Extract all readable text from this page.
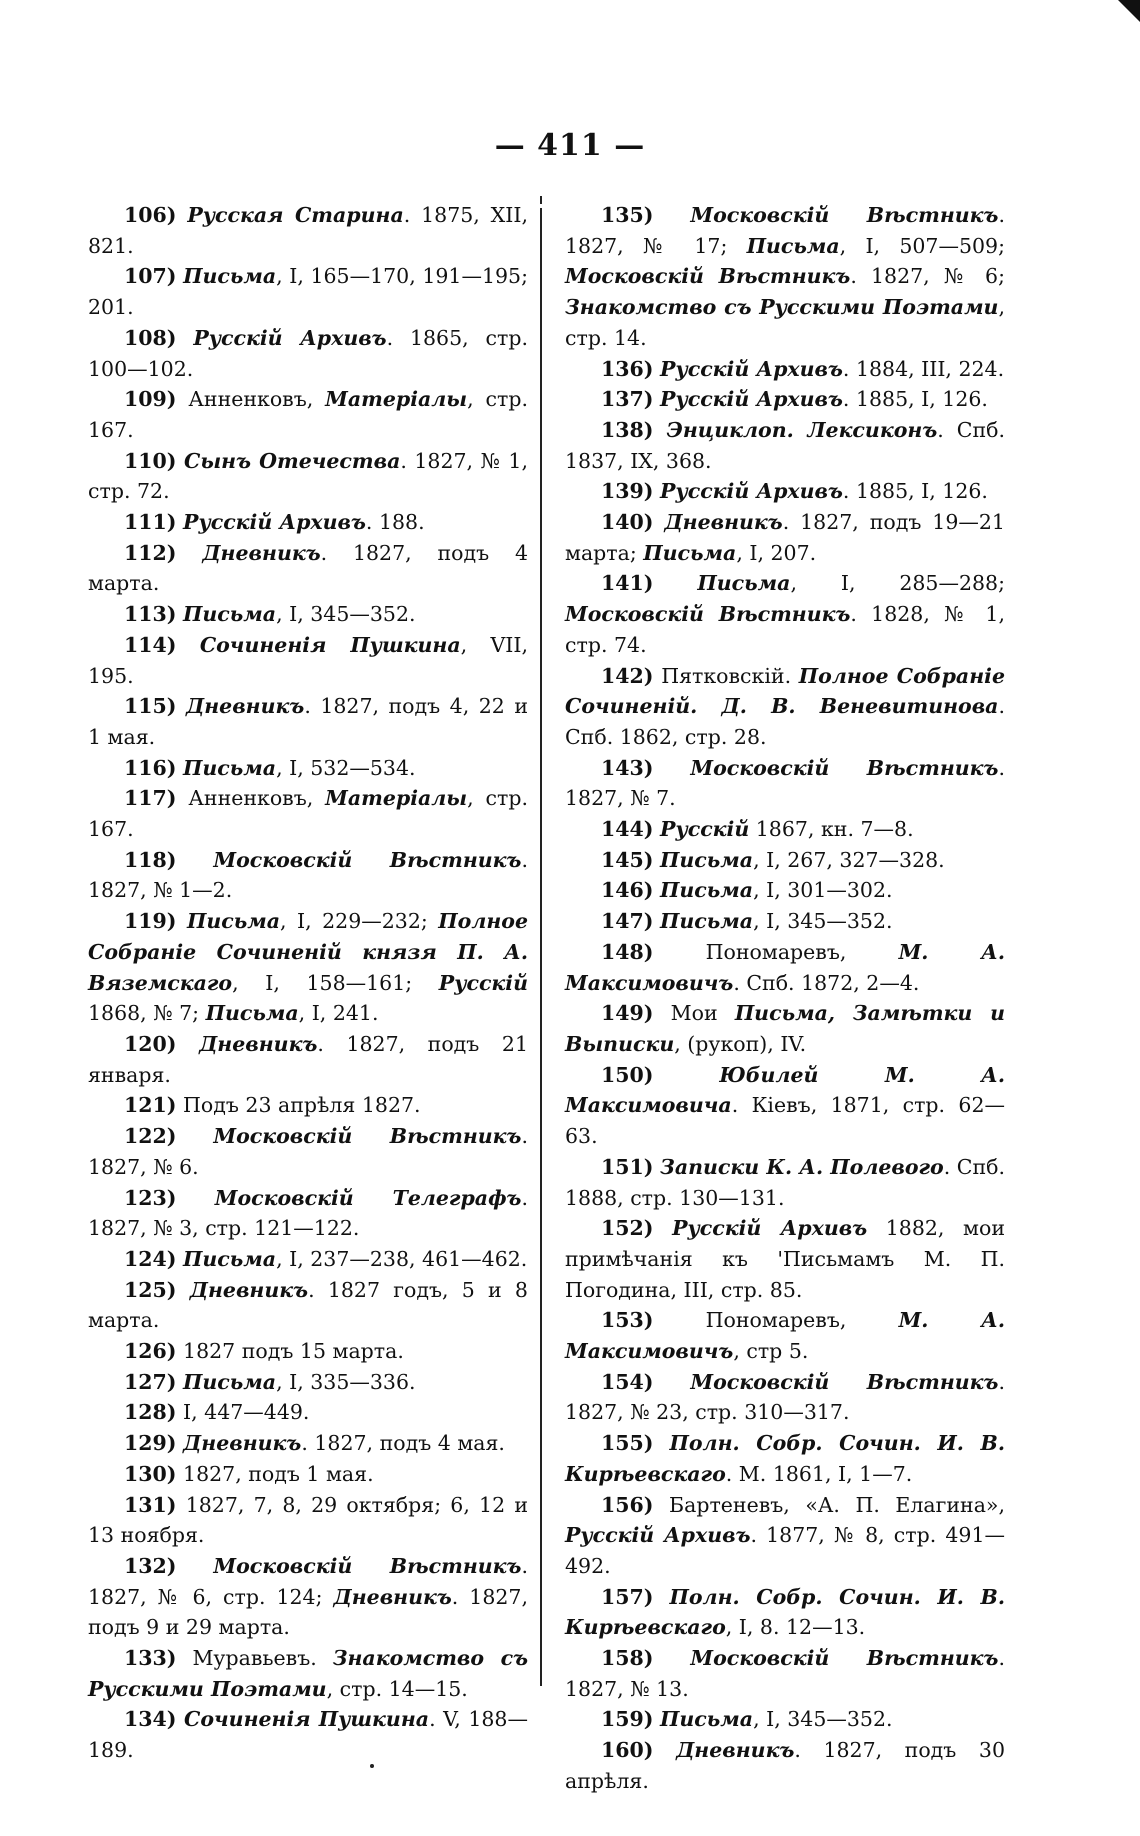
— 411 —

106) Русская Старина. 1875, XII, 821.

107) Письма, I, 165—170, 191—195; 201.

108) Русскій Архивъ. 1865, стр. 100—102.

109) Анненковъ, Матеріалы, стр. 167.

110) Сынъ Отечества. 1827, № 1, стр. 72.

111) Русскій Архивъ. 188.

112) Дневникъ. 1827, подъ 4 марта.

113) Письма, I, 345—352.

114) Сочиненія Пушкина, VII, 195.

115) Дневникъ. 1827, подъ 4, 22 и 1 мая.

116) Письма, I, 532—534.

117) Анненковъ, Матеріалы, стр. 167.

118) Московскій Вѣстникъ. 1827, № 1—2.

119) Письма, I, 229—232; Полное Собраніе Сочиненій князя П. А. Вяземскаго, I, 158—161; Русскій 1868, № 7; Письма, I, 241.

120) Дневникъ. 1827, подъ 21 января.

121) Подъ 23 апрѣля 1827.

122) Московскій Вѣстникъ. 1827, № 6.

123) Московскій Телеграфъ. 1827, № 3, стр. 121—122.

124) Письма, I, 237—238, 461—462.

125) Дневникъ. 1827 годъ, 5 и 8 марта.

126) 1827 подъ 15 марта.

127) Письма, I, 335—336.

128) I, 447—449.

129) Дневникъ. 1827, подъ 4 мая.

130) 1827, подъ 1 мая.

131) 1827, 7, 8, 29 октября; 6, 12 и 13 ноября.

132) Московскій Вѣстникъ. 1827, № 6, стр. 124; Дневникъ. 1827, подъ 9 и 29 марта.

133) Муравьевъ. Знакомство съ Русскими Поэтами, стр. 14—15.

134) Сочиненія Пушкина. V, 188—189.

135) Московскій Вѣстникъ. 1827, № 17; Письма, I, 507—509; Московскій Вѣстникъ. 1827, № 6; Знакомство съ Русскими Поэтами, стр. 14.

136) Русскій Архивъ. 1884, III, 224.

137) Русскій Архивъ. 1885, I, 126.

138) Энциклоп. Лексиконъ. Спб. 1837, IX, 368.

139) Русскій Архивъ. 1885, I, 126.

140) Дневникъ. 1827, подъ 19—21 марта; Письма, I, 207.

141) Письма, I, 285—288; Московскій Вѣстникъ. 1828, № 1, стр. 74.

142) Пятковскій. Полное Собраніе Сочиненій. Д. В. Веневитинова. Спб. 1862, стр. 28.

143) Московскій Вѣстникъ. 1827, № 7.

144) Русскій 1867, кн. 7—8.

145) Письма, I, 267, 327—328.

146) Письма, I, 301—302.

147) Письма, I, 345—352.

148)	Пономаревъ, М. А. Максимовичъ. Спб. 1872, 2—4.

149) Мои Письма, Замѣтки и Выписки, (рукоп), IV.

150)	Юбилей М. А. Максимовича. Кіевъ, 1871, стр. 62—63.

151) Записки К. А. Полевого. Спб. 1888, стр. 130—131.

152) Русскій Архивъ 1882, мои примѣчанія къ 'Письмамъ М. П. Погодина, III, стр. 85.

153)	Пономаревъ, М. А. Максимовичъ, стр 5.

154) Московскій Вѣстникъ. 1827, № 23, стр. 310—317.

155) Полн. Собр. Сочин. И. В. Кирѣевскаго. М. 1861, I, 1—7.

156) Бартеневъ, «А. П. Елагина», Русскій Архивъ. 1877, № 8, стр. 491—492.

157) Полн. Собр. Сочин. И. В. Кирѣевскаго, I, 8. 12—13.

158) Московскій Вѣстникъ. 1827, № 13.

159) Письма, I, 345—352.

160) Дневникъ. 1827, подъ 30 апрѣля.
